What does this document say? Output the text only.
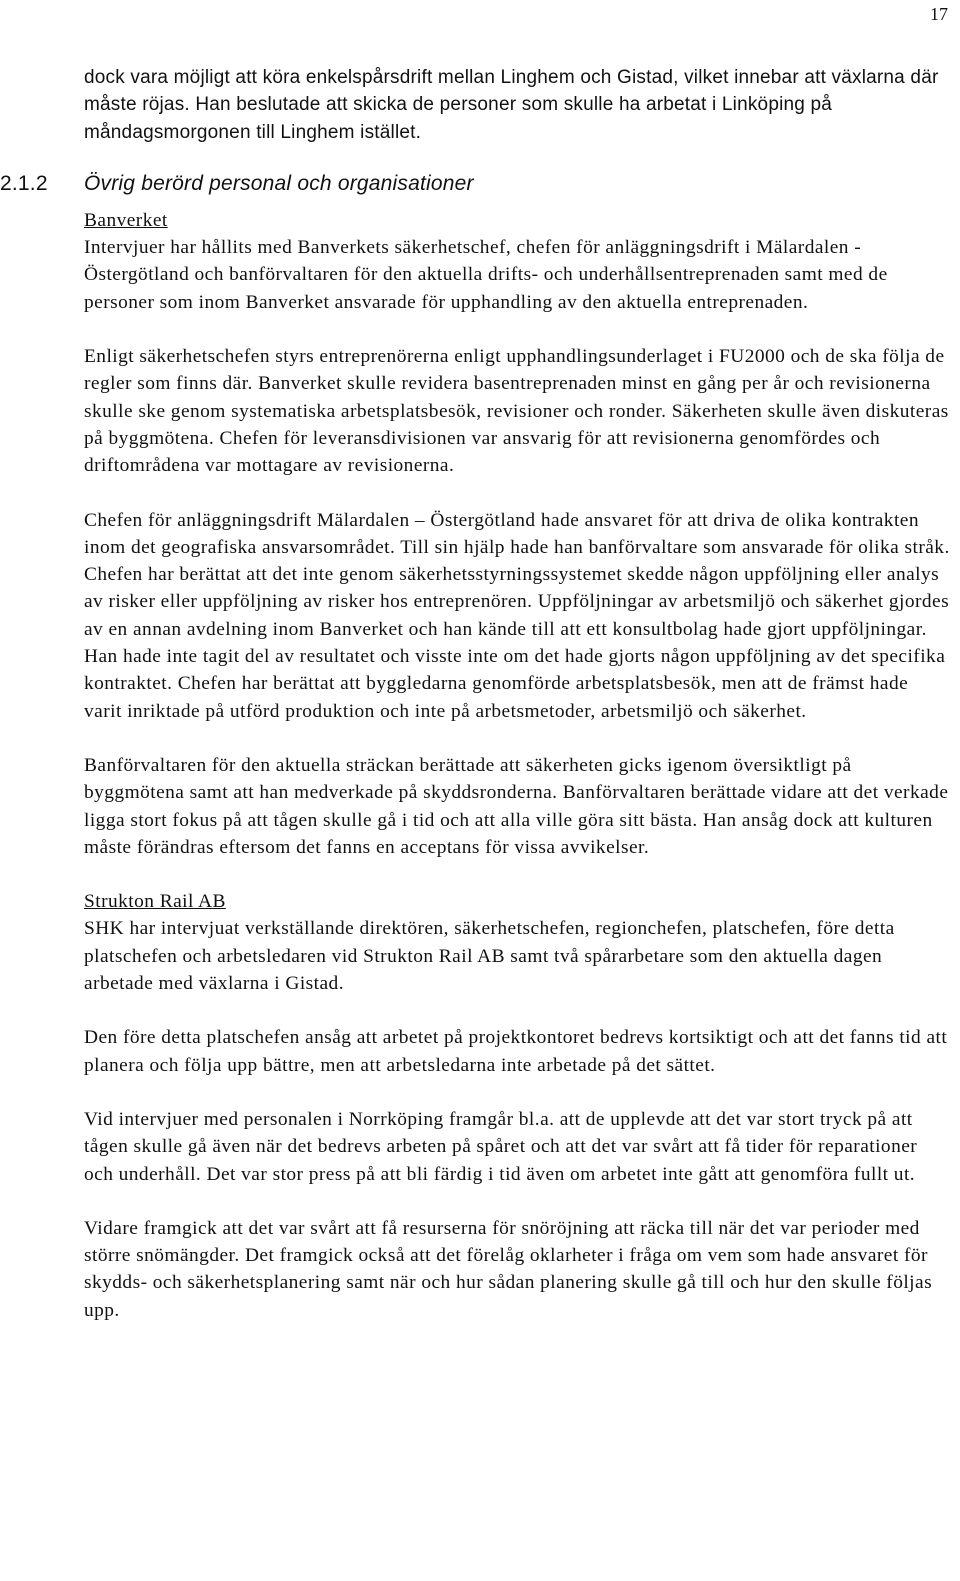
17

dock vara möjligt att köra enkelspårsdrift mellan Linghem och Gistad, vilket innebar att växlarna där måste röjas. Han beslutade att skicka de personer som skulle ha arbetat i Linköping på måndagsmorgonen till Linghem istället.

2.1.2	Övrig berörd personal och organisationer

Banverket

Intervjuer har hållits med Banverkets säkerhetschef, chefen för anläggningsdrift i Mälardalen - Östergötland och banförvaltaren för den aktuella drifts- och underhållsentreprenaden samt med de personer som inom Banverket ansvarade för upphandling av den aktuella entreprenaden.

Enligt säkerhetschefen styrs entreprenörerna enligt upphandlingsunderlaget i FU2000 och de ska följa de regler som finns där. Banverket skulle revidera basentreprenaden minst en gång per år och revisionerna skulle ske genom systematiska arbetsplatsbesök, revisioner och ronder. Säkerheten skulle även diskuteras på byggmötena. Chefen för leveransdivisionen var ansvarig för att revisionerna genomfördes och driftområdena var mottagare av revisionerna.

Chefen för anläggningsdrift Mälardalen – Östergötland hade ansvaret för att driva de olika kontrakten inom det geografiska ansvarsområdet. Till sin hjälp hade han banförvaltare som ansvarade för olika stråk. Chefen har berättat att det inte genom säkerhetsstyrningssystemet skedde någon uppföljning eller analys av risker eller uppföljning av risker hos entreprenören. Uppföljningar av arbetsmiljö och säkerhet gjordes av en annan avdelning inom Banverket och han kände till att ett konsultbolag hade gjort uppföljningar. Han hade inte tagit del av resultatet och visste inte om det hade gjorts någon uppföljning av det specifika kontraktet. Chefen har berättat att byggledarna genomförde arbetsplatsbesök, men att de främst hade varit inriktade på utförd produktion och inte på arbetsmetoder, arbetsmiljö och säkerhet.

Banförvaltaren för den aktuella sträckan berättade att säkerheten gicks igenom översiktligt på byggmötena samt att han medverkade på skyddsronderna. Banförvaltaren berättade vidare att det verkade ligga stort fokus på att tågen skulle gå i tid och att alla ville göra sitt bästa. Han ansåg dock att kulturen måste förändras eftersom det fanns en acceptans för vissa avvikelser.

Strukton Rail AB

SHK har intervjuat verkställande direktören, säkerhetschefen, regionchefen, platschefen, före detta platschefen och arbetsledaren vid Strukton Rail AB samt två spårarbetare som den aktuella dagen arbetade med växlarna i Gistad.

Den före detta platschefen ansåg att arbetet på projektkontoret bedrevs kortsiktigt och att det fanns tid att planera och följa upp bättre, men att arbetsledarna inte arbetade på det sättet.

Vid intervjuer med personalen i Norrköping framgår bl.a. att de upplevde att det var stort tryck på att tågen skulle gå även när det bedrevs arbeten på spåret och att det var svårt att få tider för reparationer och underhåll. Det var stor press på att bli färdig i tid även om arbetet inte gått att genomföra fullt ut.

Vidare framgick att det var svårt att få resurserna för snöröjning att räcka till när det var perioder med större snömängder. Det framgick också att det förelåg oklarheter i fråga om vem som hade ansvaret för skydds- och säkerhetsplanering samt när och hur sådan planering skulle gå till och hur den skulle följas upp.
